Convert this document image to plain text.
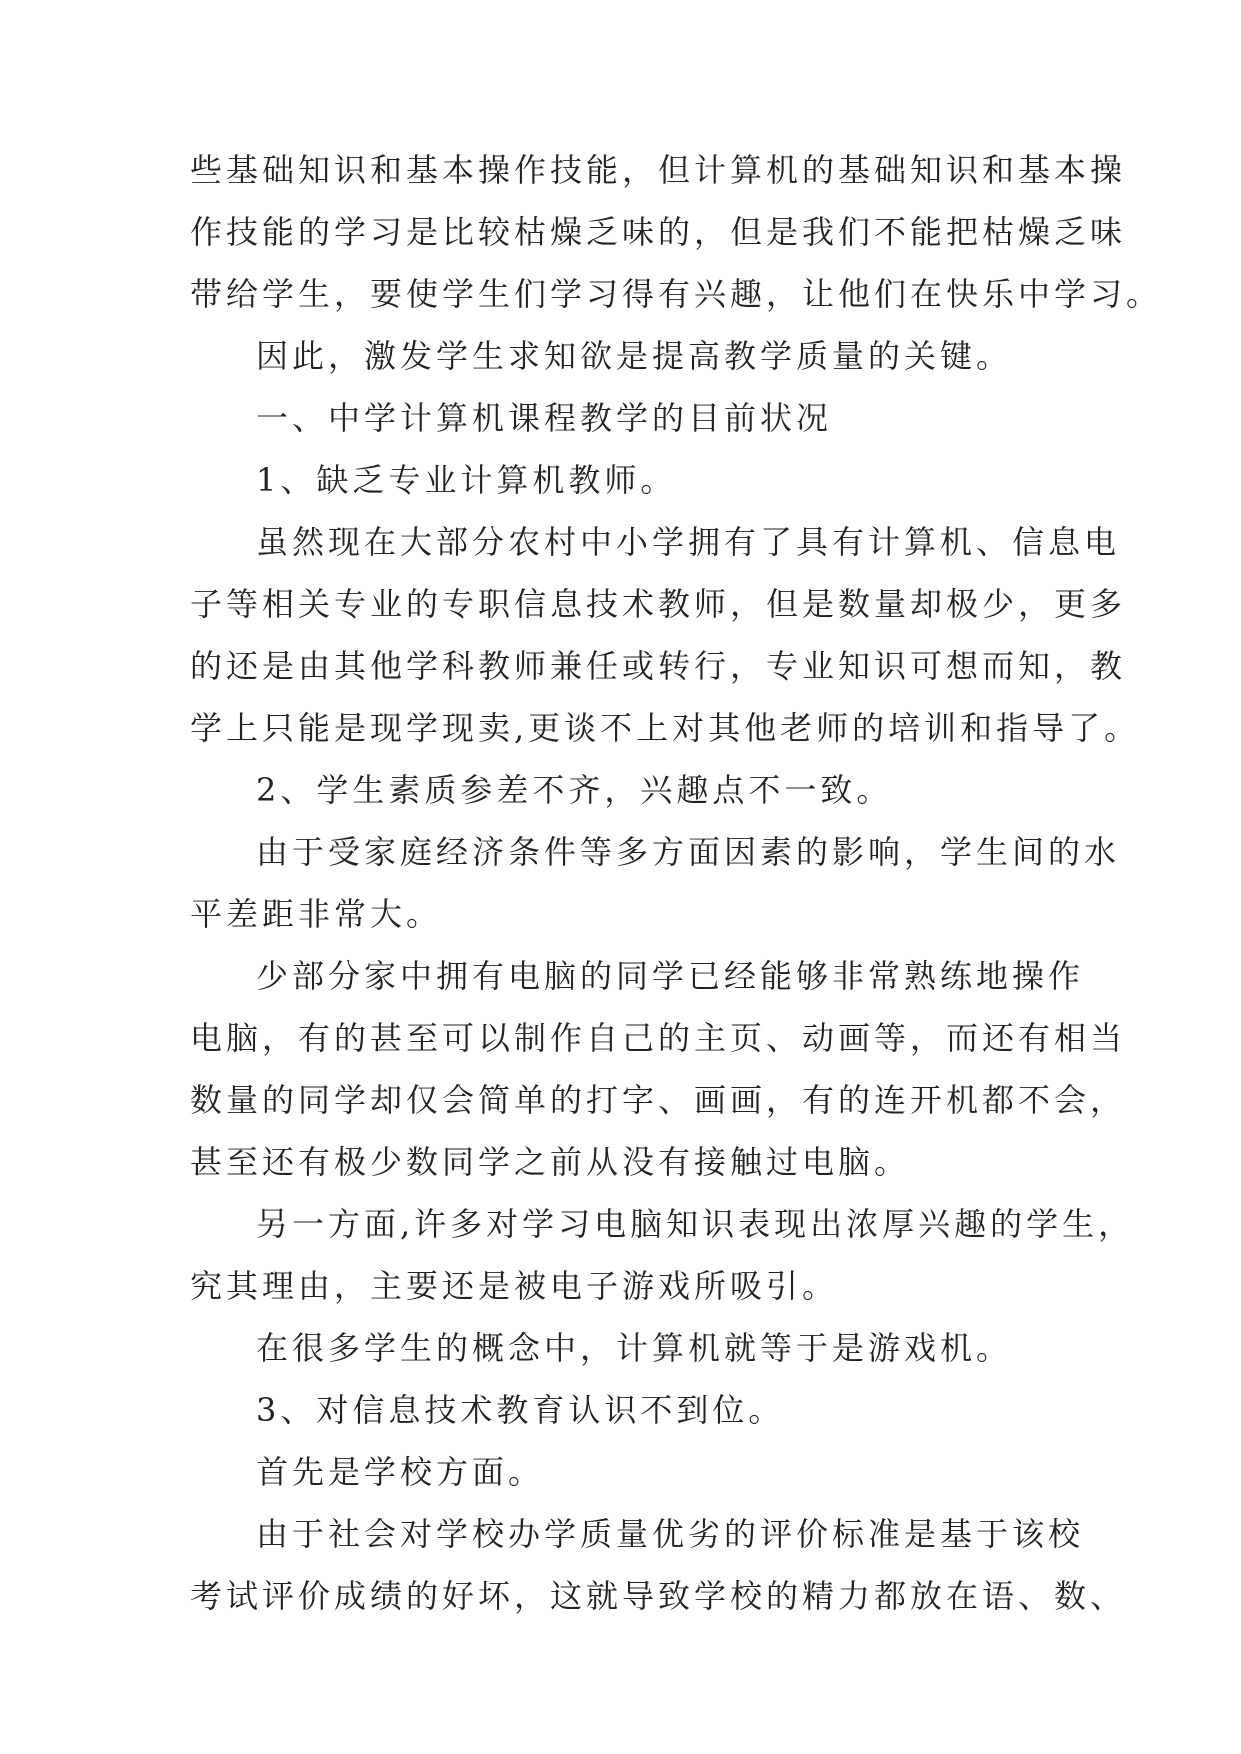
些基础知识和基本操作技能，但计算机的基础知识和基本操
作技能的学习是比较枯燥乏味的，但是我们不能把枯燥乏味
带给学生，要使学生们学习得有兴趣，让他们在快乐中学习。
因此，激发学生求知欲是提高教学质量的关键。
一、中学计算机课程教学的目前状况
1、缺乏专业计算机教师。
虽然现在大部分农村中小学拥有了具有计算机、信息电
子等相关专业的专职信息技术教师，但是数量却极少，更多
的还是由其他学科教师兼任或转行，专业知识可想而知，教
学上只能是现学现卖,更谈不上对其他老师的培训和指导了。
2、学生素质参差不齐，兴趣点不一致。
由于受家庭经济条件等多方面因素的影响，学生间的水
平差距非常大。
少部分家中拥有电脑的同学已经能够非常熟练地操作
电脑，有的甚至可以制作自己的主页、动画等，而还有相当
数量的同学却仅会简单的打字、画画，有的连开机都不会，
甚至还有极少数同学之前从没有接触过电脑。
另一方面,许多对学习电脑知识表现出浓厚兴趣的学生，
究其理由，主要还是被电子游戏所吸引。
在很多学生的概念中，计算机就等于是游戏机。
3、对信息技术教育认识不到位。
首先是学校方面。
由于社会对学校办学质量优劣的评价标准是基于该校
考试评价成绩的好坏，这就导致学校的精力都放在语、数、
